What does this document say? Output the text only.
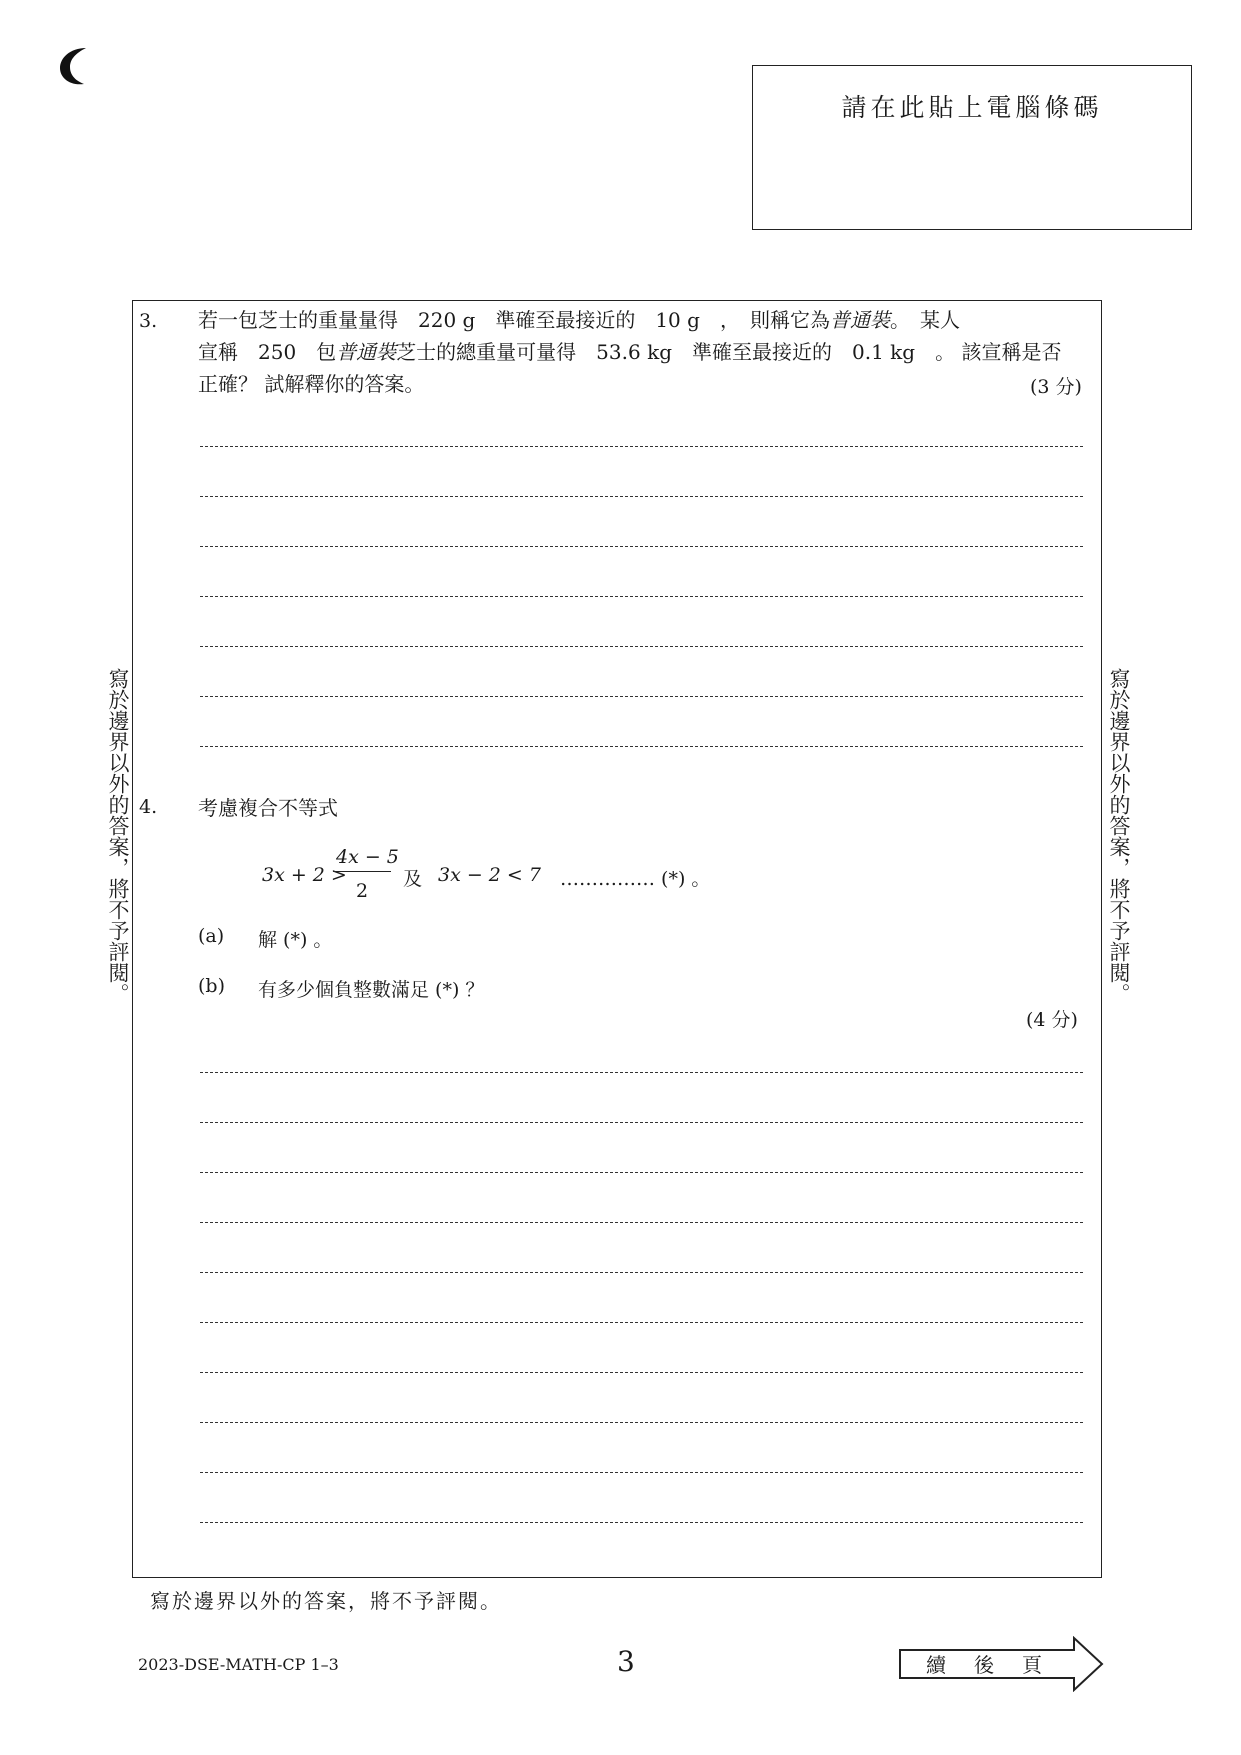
請在此貼上電腦條碼
寫於邊界以外的答案，將不予評閱。	寫於邊界以外的答案，將不予評閱。
3. 若一包芝士的重量量得　220 g　準確至最接近的　10 g　，　則稱它為普通裝。　某人
宣稱　250　包普通裝芝士的總重量可量得　53.6 kg　準確至最接近的　0.1 kg　。 該宣稱是否
正確？ 試解釋你的答案。	(3 分)
4. 考慮複合不等式
3x + 2 >
4x − 5
2
及 3x − 2 < 7 …………… (*) 。
(a) 解 (*) 。
(b) 有多少個負整數滿足 (*) ？
(4 分)
寫於邊界以外的答案，將不予評閱。
2023-DSE-MATH-CP 1–3	3	續後頁
